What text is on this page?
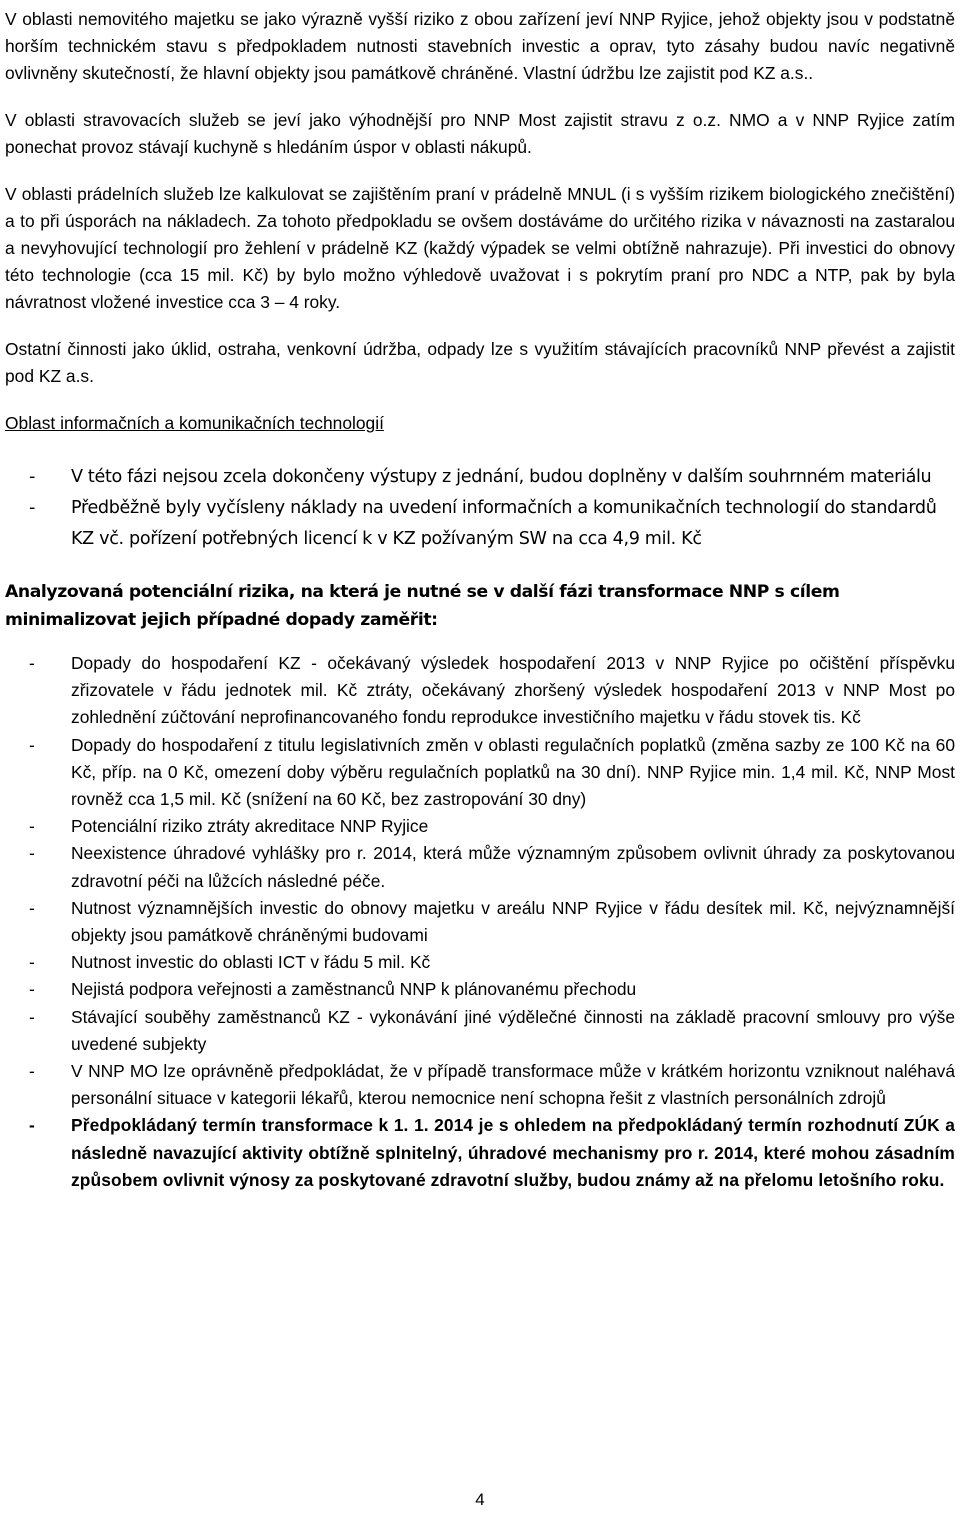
V oblasti nemovitého majetku se jako výrazně vyšší riziko z obou zařízení jeví NNP Ryjice, jehož objekty jsou v podstatně horším technickém stavu s předpokladem nutnosti stavebních investic a oprav, tyto zásahy budou navíc negativně ovlivněny skutečností, že hlavní objekty jsou památkově chráněné. Vlastní údržbu lze zajistit pod KZ a.s..

V oblasti stravovacích služeb se jeví jako výhodnější pro NNP Most zajistit stravu z o.z. NMO a v NNP Ryjice zatím ponechat provoz stávají kuchyně s hledáním úspor v oblasti nákupů.

V oblasti prádelních služeb lze kalkulovat se zajištěním praní v prádelně MNUL (i s vyšším rizikem biologického znečištění) a to při úsporách na nákladech. Za tohoto předpokladu se ovšem dostáváme do určitého rizika v návaznosti na zastaralou a nevyhovující technologií pro žehlení v prádelně KZ (každý výpadek se velmi obtížně nahrazuje). Při investici do obnovy této technologie (cca 15 mil. Kč) by bylo možno výhledově uvažovat i s pokrytím praní pro NDC a NTP, pak by byla návratnost vložené investice cca 3 – 4 roky.

Ostatní činnosti jako úklid, ostraha, venkovní údržba, odpady lze s využitím stávajících pracovníků NNP převést a zajistit pod KZ a.s.

Oblast informačních a komunikačních technologií

- V této fázi nejsou zcela dokončeny výstupy z jednání, budou doplněny v dalším souhrnném materiálu
- Předběžně byly vyčísleny náklady na uvedení informačních a komunikačních technologií do standardů KZ vč. pořízení potřebných licencí k v KZ požívaným SW na cca 4,9 mil. Kč

Analyzovaná potenciální rizika, na která je nutné se v další fázi transformace NNP s cílem minimalizovat jejich případné dopady zaměřit:

- Dopady do hospodaření KZ - očekávaný výsledek hospodaření 2013 v NNP Ryjice po očištění příspěvku zřizovatele v řádu jednotek mil. Kč ztráty, očekávaný zhoršený výsledek hospodaření 2013 v NNP Most po zohlednění zúčtování neprofinancovaného fondu reprodukce investičního majetku v řádu stovek tis. Kč
- Dopady do hospodaření z titulu legislativních změn v oblasti regulačních poplatků (změna sazby ze 100 Kč na 60 Kč, příp. na 0 Kč, omezení doby výběru regulačních poplatků na 30 dní). NNP Ryjice min. 1,4 mil. Kč, NNP Most rovněž cca 1,5 mil. Kč (snížení na 60 Kč, bez zastropování 30 dny)
- Potenciální riziko ztráty akreditace NNP Ryjice
- Neexistence úhradové vyhlášky pro r. 2014, která může významným způsobem ovlivnit úhrady za poskytovanou zdravotní péči na lůžcích následné péče.
- Nutnost významnějších investic do obnovy majetku v areálu NNP Ryjice v řádu desítek mil. Kč, nejvýznamnější objekty jsou památkově chráněnými budovami
- Nutnost investic do oblasti ICT v řádu 5 mil. Kč
- Nejistá podpora veřejnosti a zaměstnanců NNP k plánovanému přechodu
- Stávající souběhy zaměstnanců KZ - vykonávání jiné výdělečné činnosti na základě pracovní smlouvy pro výše uvedené subjekty
- V NNP MO lze oprávněně předpokládat, že v případě transformace může v krátkém horizontu vzniknout naléhavá personální situace v kategorii lékařů, kterou nemocnice není schopna řešit z vlastních personálních zdrojů
- Předpokládaný termín transformace k 1. 1. 2014 je s ohledem na předpokládaný termín rozhodnutí ZÚK a následně navazující aktivity obtížně splnitelný, úhradové mechanismy pro r. 2014, které mohou zásadním způsobem ovlivnit výnosy za poskytované zdravotní služby, budou známy až na přelomu letošního roku.
4
